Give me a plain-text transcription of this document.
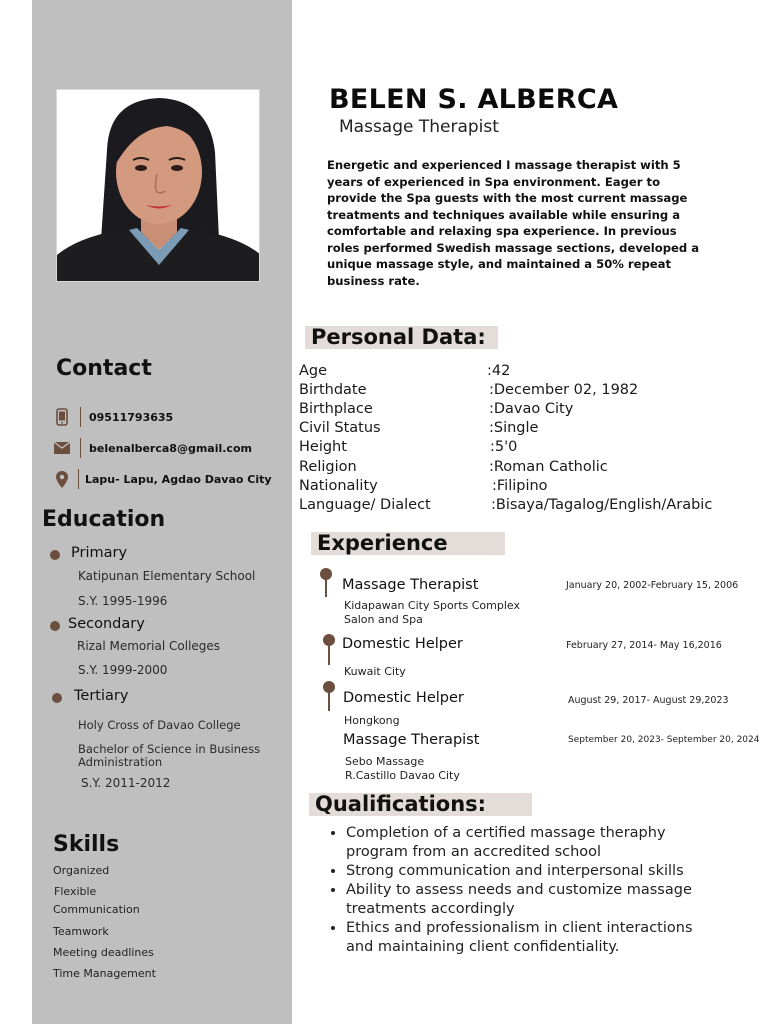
Contact
09511793635
belenalberca8@gmail.com
Lapu- Lapu, Agdao Davao City
Education
Primary
Katipunan Elementary School
S.Y. 1995-1996
Secondary
Rizal Memorial Colleges
S.Y. 1999-2000
Tertiary
Holy Cross of Davao College
Bachelor of Science in Business
Administration
S.Y. 2011-2012
Skills
Organized
Flexible
Communication
Teamwork
Meeting deadlines
Time Management
BELEN S. ALBERCA
Massage Therapist
Energetic and experienced I massage therapist with 5 years of experienced in Spa environment. Eager to provide the Spa guests with the most current massage treatments and techniques available while ensuring a comfortable and relaxing spa experience. In previous roles performed Swedish massage sections, developed a unique massage style, and maintained a 50% repeat business rate.
Personal Data:
Age	:42
Birthdate	:December 02, 1982
Birthplace	:Davao City
Civil Status	:Single
Height	:5'0
Religion	:Roman Catholic
Nationality	:Filipino
Language/ Dialect	:Bisaya/Tagalog/English/Arabic
Experience
Massage Therapist	January 20, 2002-February 15, 2006
Kidapawan City Sports Complex
Salon and Spa
Domestic Helper	February 27, 2014- May 16,2016
Kuwait City
Domestic Helper	August 29, 2017- August 29,2023
Hongkong
Massage Therapist	September 20, 2023- September 20, 2024
Sebo Massage
R.Castillo Davao City
Qualifications:
• Completion of a certified massage theraphy
program from an accredited school
• Strong communication and interpersonal skills
• Ability to assess needs and customize massage
treatments accordingly
• Ethics and professionalism in client interactions
and maintaining client confidentiality.
